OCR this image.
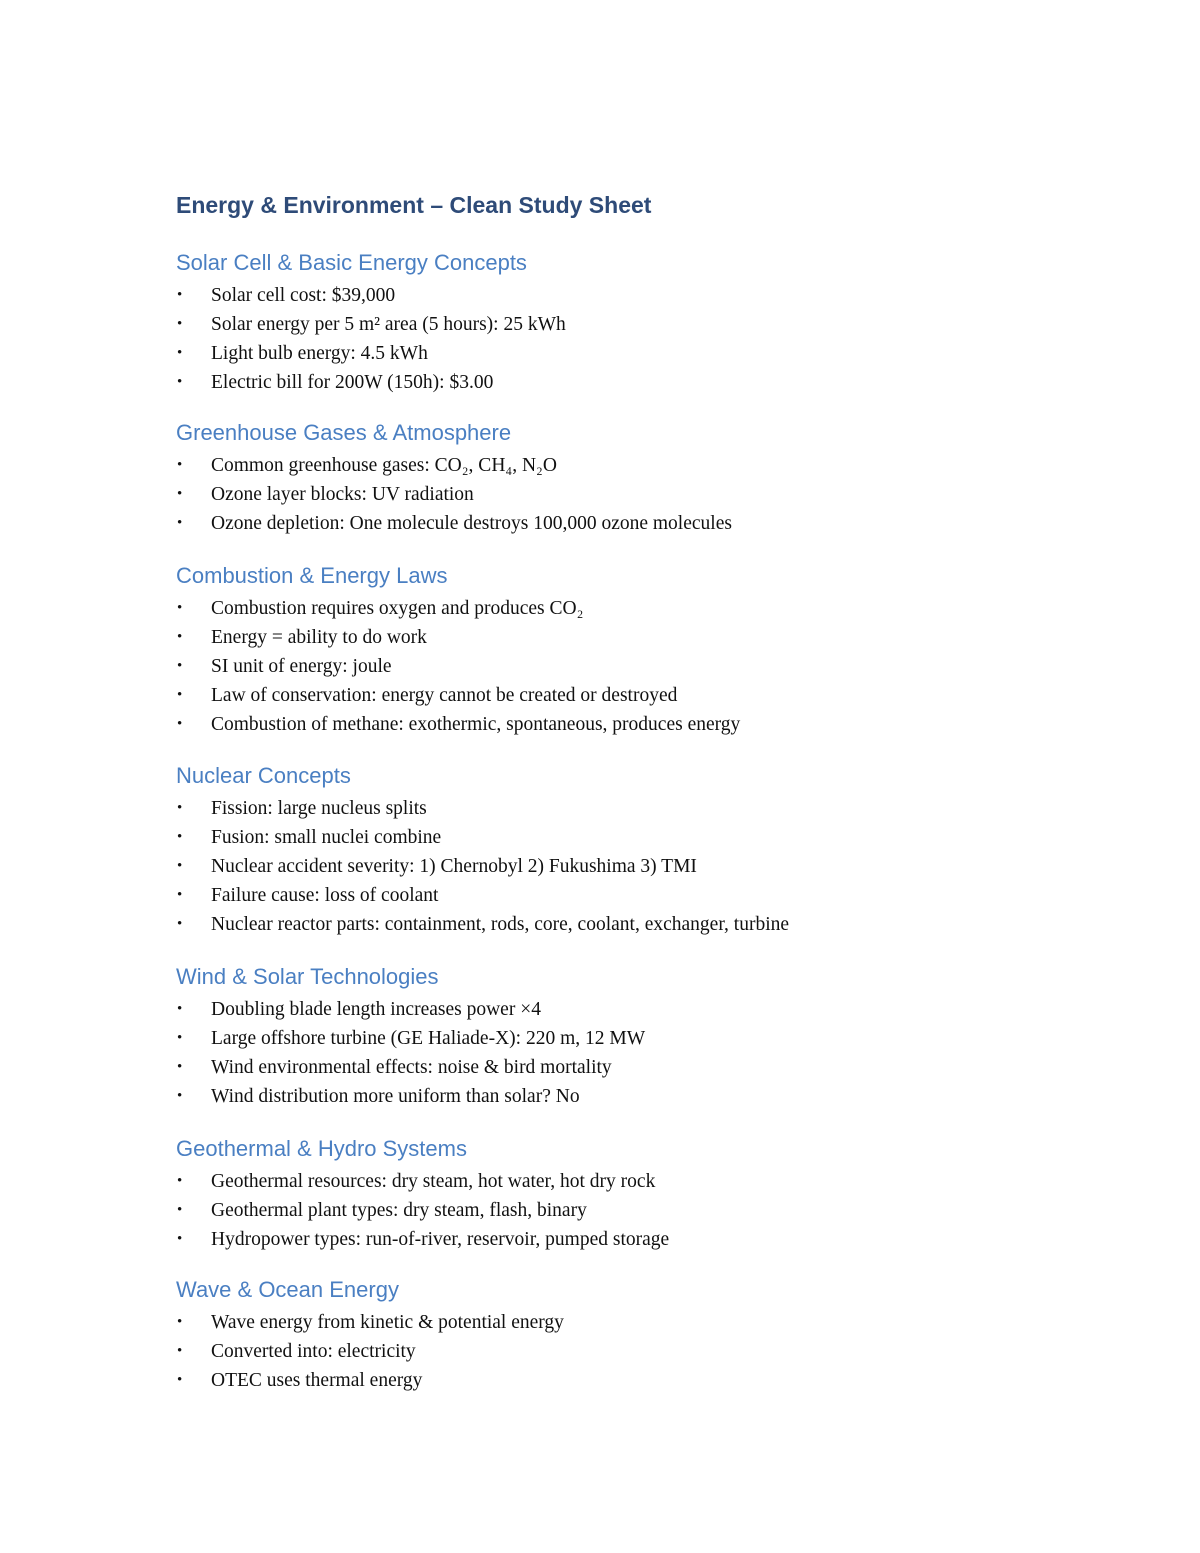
Energy & Environment – Clean Study Sheet
Solar Cell & Basic Energy Concepts
• Solar cell cost: $39,000
• Solar energy per 5 m² area (5 hours): 25 kWh
• Light bulb energy: 4.5 kWh
• Electric bill for 200W (150h): $3.00
Greenhouse Gases & Atmosphere
• Common greenhouse gases: CO₂, CH₄, N₂O
• Ozone layer blocks: UV radiation
• Ozone depletion: One molecule destroys 100,000 ozone molecules
Combustion & Energy Laws
• Combustion requires oxygen and produces CO₂
• Energy = ability to do work
• SI unit of energy: joule
• Law of conservation: energy cannot be created or destroyed
• Combustion of methane: exothermic, spontaneous, produces energy
Nuclear Concepts
• Fission: large nucleus splits
• Fusion: small nuclei combine
• Nuclear accident severity: 1) Chernobyl 2) Fukushima 3) TMI
• Failure cause: loss of coolant
• Nuclear reactor parts: containment, rods, core, coolant, exchanger, turbine
Wind & Solar Technologies
• Doubling blade length increases power ×4
• Large offshore turbine (GE Haliade-X): 220 m, 12 MW
• Wind environmental effects: noise & bird mortality
• Wind distribution more uniform than solar? No
Geothermal & Hydro Systems
• Geothermal resources: dry steam, hot water, hot dry rock
• Geothermal plant types: dry steam, flash, binary
• Hydropower types: run-of-river, reservoir, pumped storage
Wave & Ocean Energy
• Wave energy from kinetic & potential energy
• Converted into: electricity
• OTEC uses thermal energy
